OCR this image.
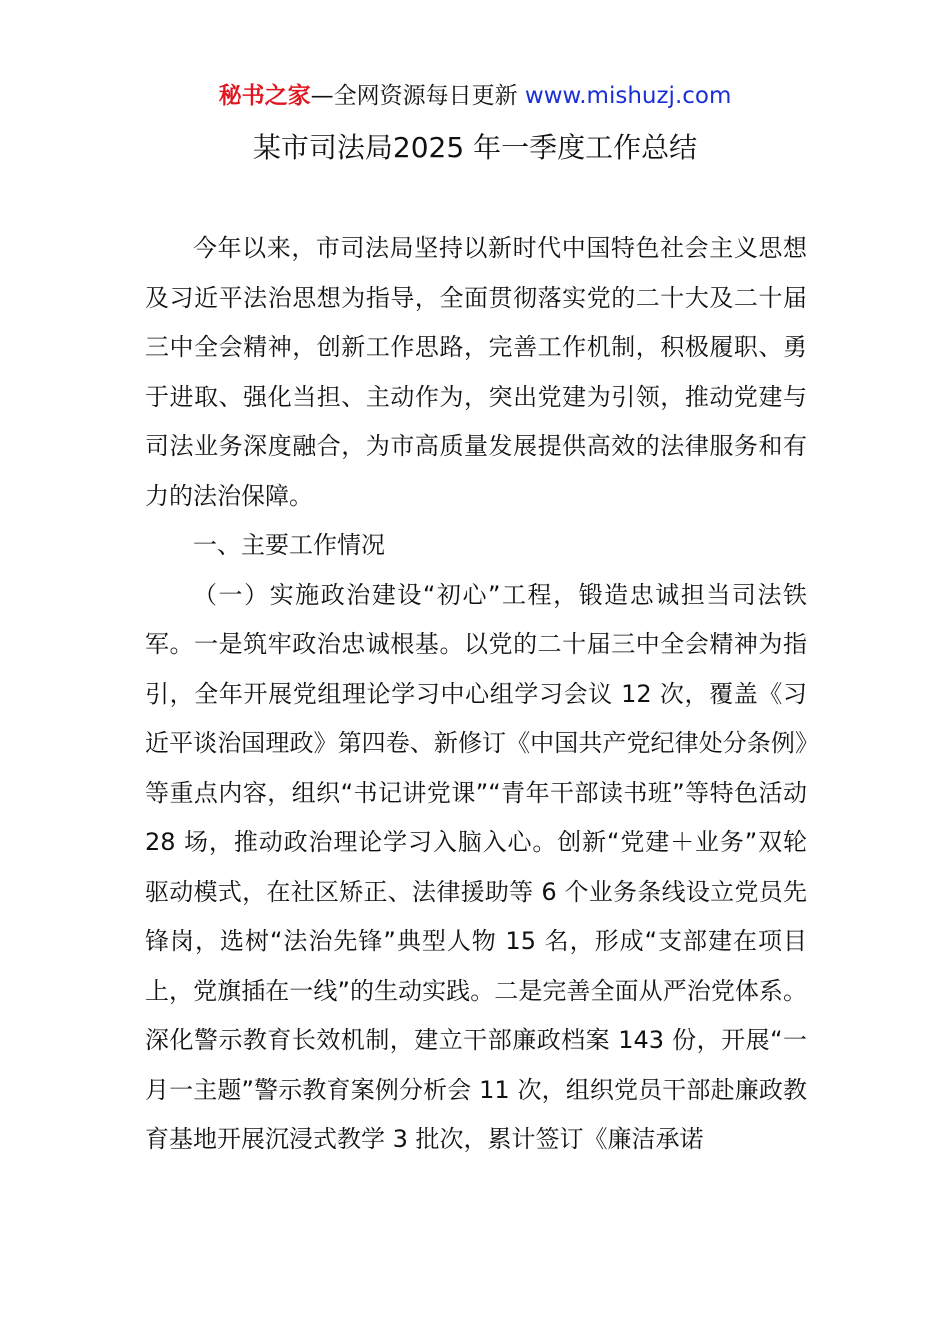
秘书之家—全网资源每日更新 www.mishuzj.com
某市司法局2025 年一季度工作总结

今年以来，市司法局坚持以新时代中国特色社会主义思想及习近平法治思想为指导，全面贯彻落实党的二十大及二十届三中全会精神，创新工作思路，完善工作机制，积极履职、勇于进取、强化当担、主动作为，突出党建为引领，推动党建与司法业务深度融合，为市高质量发展提供高效的法律服务和有力的法治保障。

一、主要工作情况

（一）实施政治建设“初心”工程，锻造忠诚担当司法铁军。一是筑牢政治忠诚根基。以党的二十届三中全会精神为指引，全年开展党组理论学习中心组学习会议 12 次，覆盖《习近平谈治国理政》第四卷、新修订《中国共产党纪律处分条例》等重点内容，组织“书记讲党课”“青年干部读书班”等特色活动 28 场，推动政治理论学习入脑入心。创新“党建＋业务”双轮驱动模式，在社区矫正、法律援助等 6 个业务条线设立党员先锋岗，选树“法治先锋”典型人物 15 名，形成“支部建在项目上，党旗插在一线”的生动实践。二是完善全面从严治党体系。深化警示教育长效机制，建立干部廉政档案 143 份，开展“一月一主题”警示教育案例分析会 11 次，组织党员干部赴廉政教育基地开展沉浸式教学 3 批次，累计签订《廉洁承诺
